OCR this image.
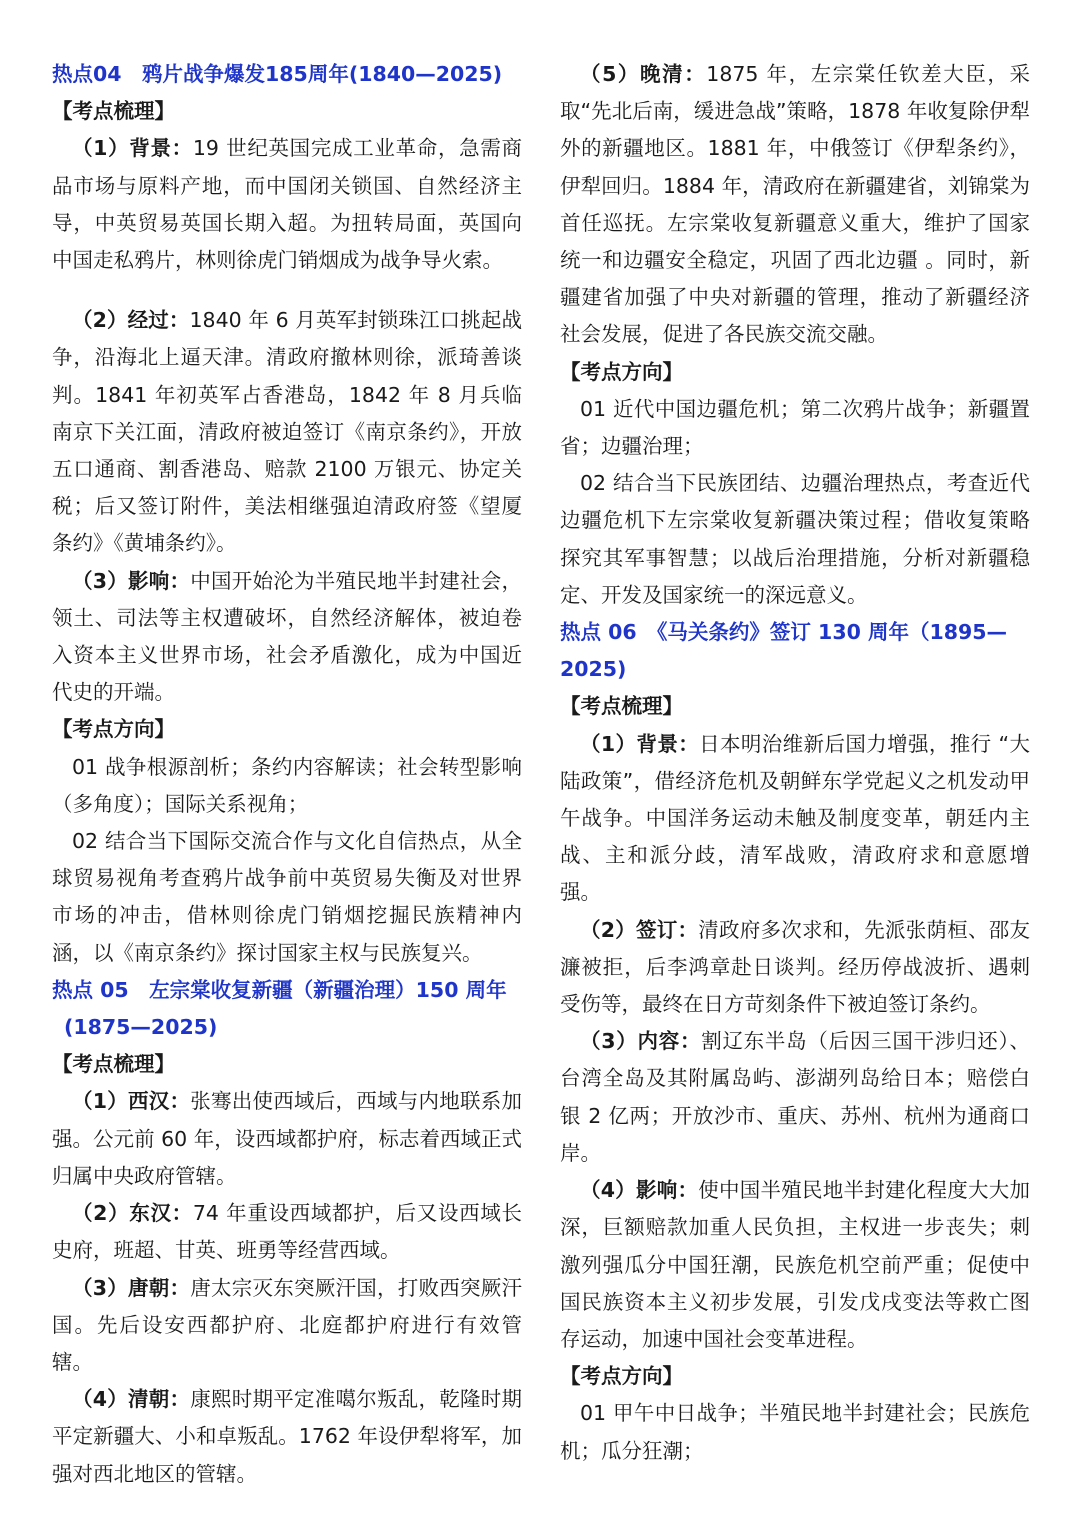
热点04　鸦片战争爆发185周年(1840—2025)

【考点梳理】

（1）背景：19 世纪英国完成工业革命，急需商品市场与原料产地，而中国闭关锁国、自然经济主导，中英贸易英国长期入超。为扭转局面，英国向中国走私鸦片，林则徐虎门销烟成为战争导火索。

（2）经过：1840 年 6 月英军封锁珠江口挑起战争，沿海北上逼天津。清政府撤林则徐，派琦善谈判。1841 年初英军占香港岛，1842 年 8 月兵临南京下关江面，清政府被迫签订《南京条约》，开放五口通商、割香港岛、赔款 2100 万银元、协定关税；后又签订附件，美法相继强迫清政府签《望厦条约》《黄埔条约》。

（3）影响：中国开始沦为半殖民地半封建社会，领土、司法等主权遭破坏，自然经济解体，被迫卷入资本主义世界市场，社会矛盾激化，成为中国近代史的开端。

【考点方向】

01 战争根源剖析；条约内容解读；社会转型影响（多角度）；国际关系视角；

02 结合当下国际交流合作与文化自信热点，从全球贸易视角考查鸦片战争前中英贸易失衡及对世界市场的冲击，借林则徐虎门销烟挖掘民族精神内涵，以《南京条约》探讨国家主权与民族复兴。

热点 05　左宗棠收复新疆（新疆治理）150 周年

(1875—2025)

【考点梳理】

（1）西汉：张骞出使西域后，西域与内地联系加强。公元前 60 年，设西域都护府，标志着西域正式归属中央政府管辖。

（2）东汉：74 年重设西域都护，后又设西域长史府，班超、甘英、班勇等经营西域。

（3）唐朝：唐太宗灭东突厥汗国，打败西突厥汗国。先后设安西都护府、北庭都护府进行有效管辖。

（4）清朝：康熙时期平定准噶尔叛乱，乾隆时期平定新疆大、小和卓叛乱。1762 年设伊犁将军，加强对西北地区的管辖。

（5）晚清：1875 年，左宗棠任钦差大臣，采取“先北后南，缓进急战”策略，1878 年收复除伊犁外的新疆地区。1881 年，中俄签订《伊犁条约》，伊犁回归。1884 年，清政府在新疆建省，刘锦棠为首任巡抚。左宗棠收复新疆意义重大，维护了国家统一和边疆安全稳定，巩固了西北边疆 。同时，新疆建省加强了中央对新疆的管理，推动了新疆经济社会发展，促进了各民族交流交融。

【考点方向】

01 近代中国边疆危机；第二次鸦片战争；新疆置省；边疆治理；

02 结合当下民族团结、边疆治理热点，考查近代边疆危机下左宗棠收复新疆决策过程；借收复策略探究其军事智慧；以战后治理措施，分析对新疆稳定、开发及国家统一的深远意义。

热点 06　《马关条约》签订 130 周年（1895—2025)

【考点梳理】

（1）背景：日本明治维新后国力增强，推行 “大陆政策”，借经济危机及朝鲜东学党起义之机发动甲午战争。中国洋务运动未触及制度变革，朝廷内主战、主和派分歧，清军战败，清政府求和意愿增强。

（2）签订：清政府多次求和，先派张荫桓、邵友濂被拒，后李鸿章赴日谈判。经历停战波折、遇刺受伤等，最终在日方苛刻条件下被迫签订条约。

（3）内容：割辽东半岛（后因三国干涉归还）、台湾全岛及其附属岛屿、澎湖列岛给日本；赔偿白银 2 亿两；开放沙市、重庆、苏州、杭州为通商口岸。

（4）影响：使中国半殖民地半封建化程度大大加深，巨额赔款加重人民负担，主权进一步丧失；刺激列强瓜分中国狂潮，民族危机空前严重；促使中国民族资本主义初步发展，引发戊戌变法等救亡图存运动，加速中国社会变革进程。

【考点方向】

01 甲午中日战争；半殖民地半封建社会；民族危机；瓜分狂潮；
